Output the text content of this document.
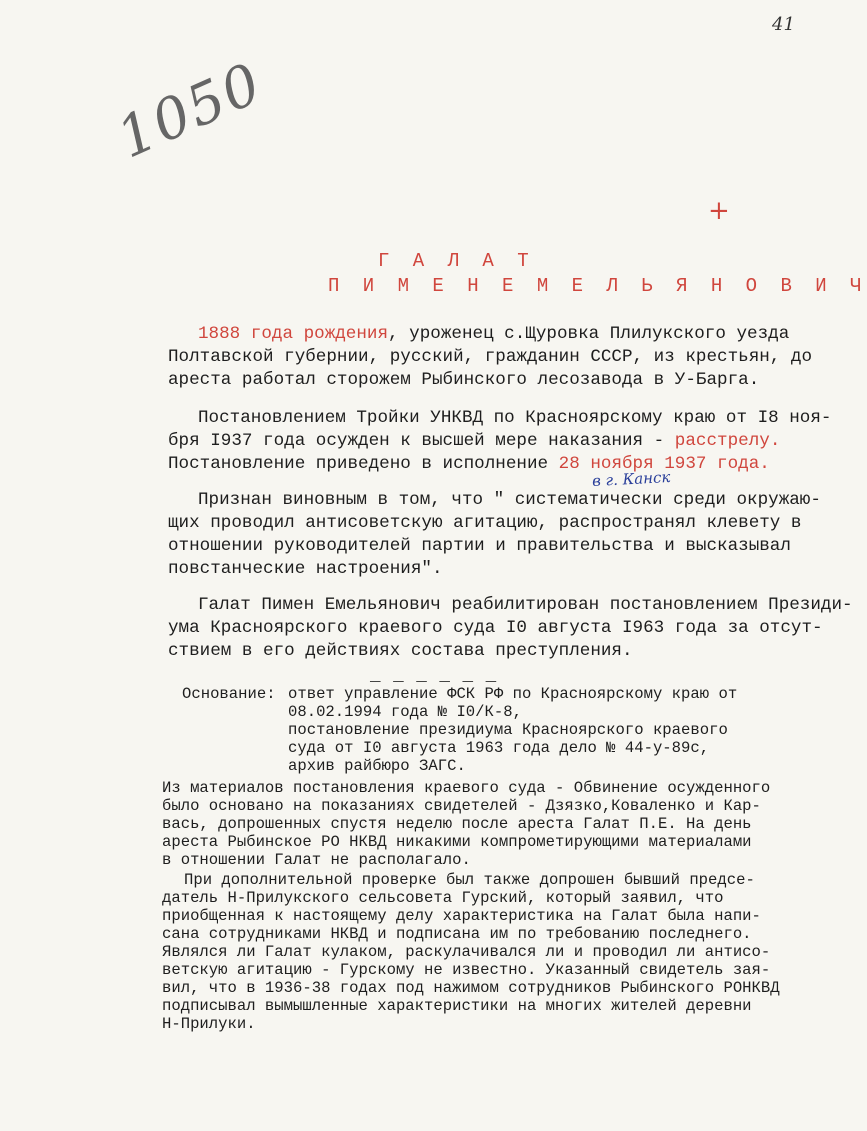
41
1050
+
Г А Л А Т
П И М Е Н Е М Е Л Ь Я Н О В И Ч
1888 года рождения, уроженец с.Щуровка Плилукского уезда
Полтавской губернии, русский, гражданин СССР, из крестьян, до
ареста работал сторожем Рыбинского лесозавода в У-Барга.
Постановлением Тройки УНКВД по Красноярскому краю от I8 ноя-
бря I937 года осужден к высшей мере наказания - расстрелу.
Постановление приведено в исполнение 28 ноября 1937 года.
в г. Канск
Признан виновным в том, что " систематически среди окружаю-
щих проводил антисоветскую агитацию, распространял клевету в
отношении руководителей партии и правительства и высказывал
повстанческие настроения".
Галат Пимен Емельянович реабилитирован постановлением Президи-
ума Красноярского краевого суда I0 августа I963 года за отсут-
ствием в его действиях состава преступления.
_ _ _ _ _ _
Основание: ответ управление ФСК РФ по Красноярскому краю от
08.02.1994 года № I0/К-8,
постановление президиума Красноярского краевого
суда от I0 августа 1963 года дело № 44-у-89с,
архив райбюро ЗАГС.
Из материалов постановления краевого суда - Обвинение осужденного
было основано на показаниях свидетелей - Дзязко,Коваленко и Кар-
вась, допрошенных спустя неделю после ареста Галат П.Е. На день
ареста Рыбинское РО НКВД никакими компрометирующими материалами
в отношении Галат не располагало.
При дополнительной проверке был также допрошен бывший предсе-
датель Н-Прилукского сельсовета Гурский, который заявил, что
приобщенная к настоящему делу характеристика на Галат была напи-
сана сотрудниками НКВД и подписана им по требованию последнего.
Являлся ли Галат кулаком, раскулачивался ли и проводил ли антисо-
ветскую агитацию - Гурскому не известно. Указанный свидетель зая-
вил, что в 1936-38 годах под нажимом сотрудников Рыбинского РОНКВД
подписывал вымышленные характеристики на многих жителей деревни
Н-Прилуки.
